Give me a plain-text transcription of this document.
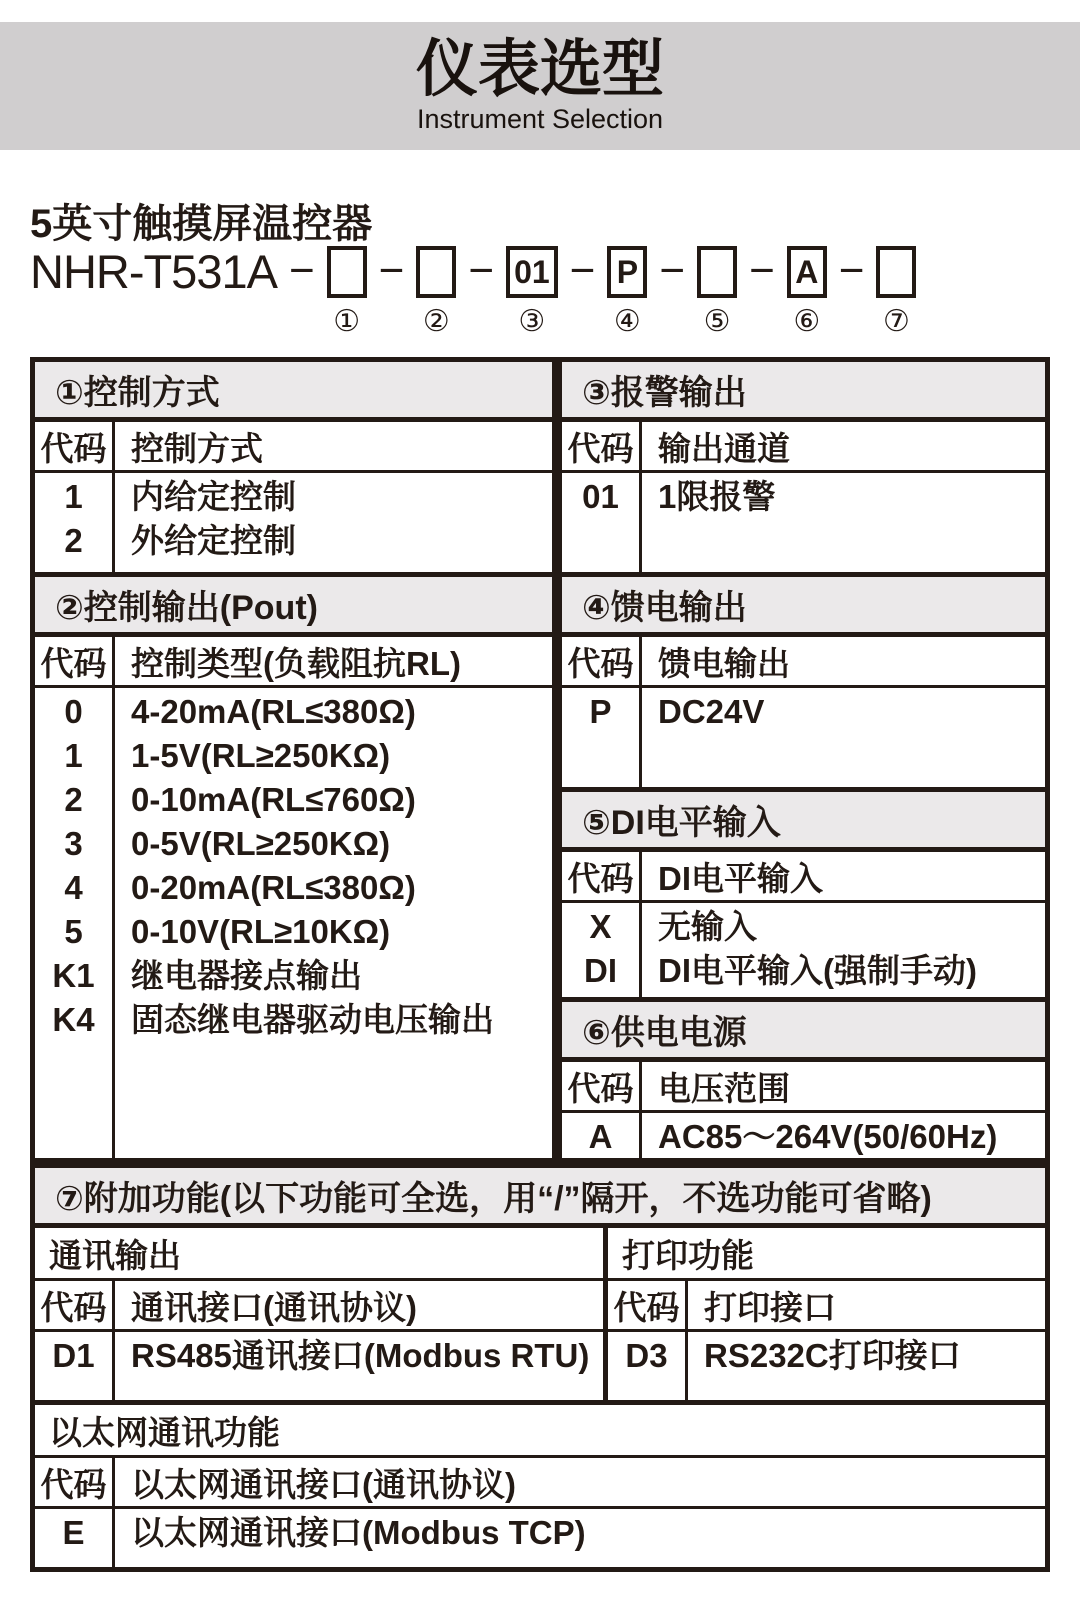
仪表选型
Instrument Selection
5英寸触摸屏温控器
NHR-T531A −
①
−
②
− 01
③
− P
④
−
⑤
− A
⑥
−
⑦
①控制方式
代码 控制方式
1
2
内给定控制
外给定控制
②控制输出(Pout)
代码 控制类型(负载阻抗RL)
0
1
2
3
4
5
K1
K4
4-20mA(RL≤380Ω)
1-5V(RL≥250KΩ)
0-10mA(RL≤760Ω)
0-5V(RL≥250KΩ)
0-20mA(RL≤380Ω)
0-10V(RL≥10KΩ)
继电器接点输出
固态继电器驱动电压输出
③报警输出
代码 输出通道
01 1限报警
④馈电输出
代码 馈电输出
P DC24V
⑤DI电平输入
代码 DI电平输入
X
DI
无输入
DI电平输入(强制手动)
⑥供电电源
代码 电压范围
A AC85～264V(50/60Hz)
⑦附加功能(以下功能可全选，用“/”隔开，不选功能可省略)
通讯输出
代码 通讯接口(通讯协议)
D1 RS485通讯接口(Modbus RTU)
打印功能
代码 打印接口
D3 RS232C打印接口
以太网通讯功能
代码 以太网通讯接口(通讯协议)
E 以太网通讯接口(Modbus TCP)
